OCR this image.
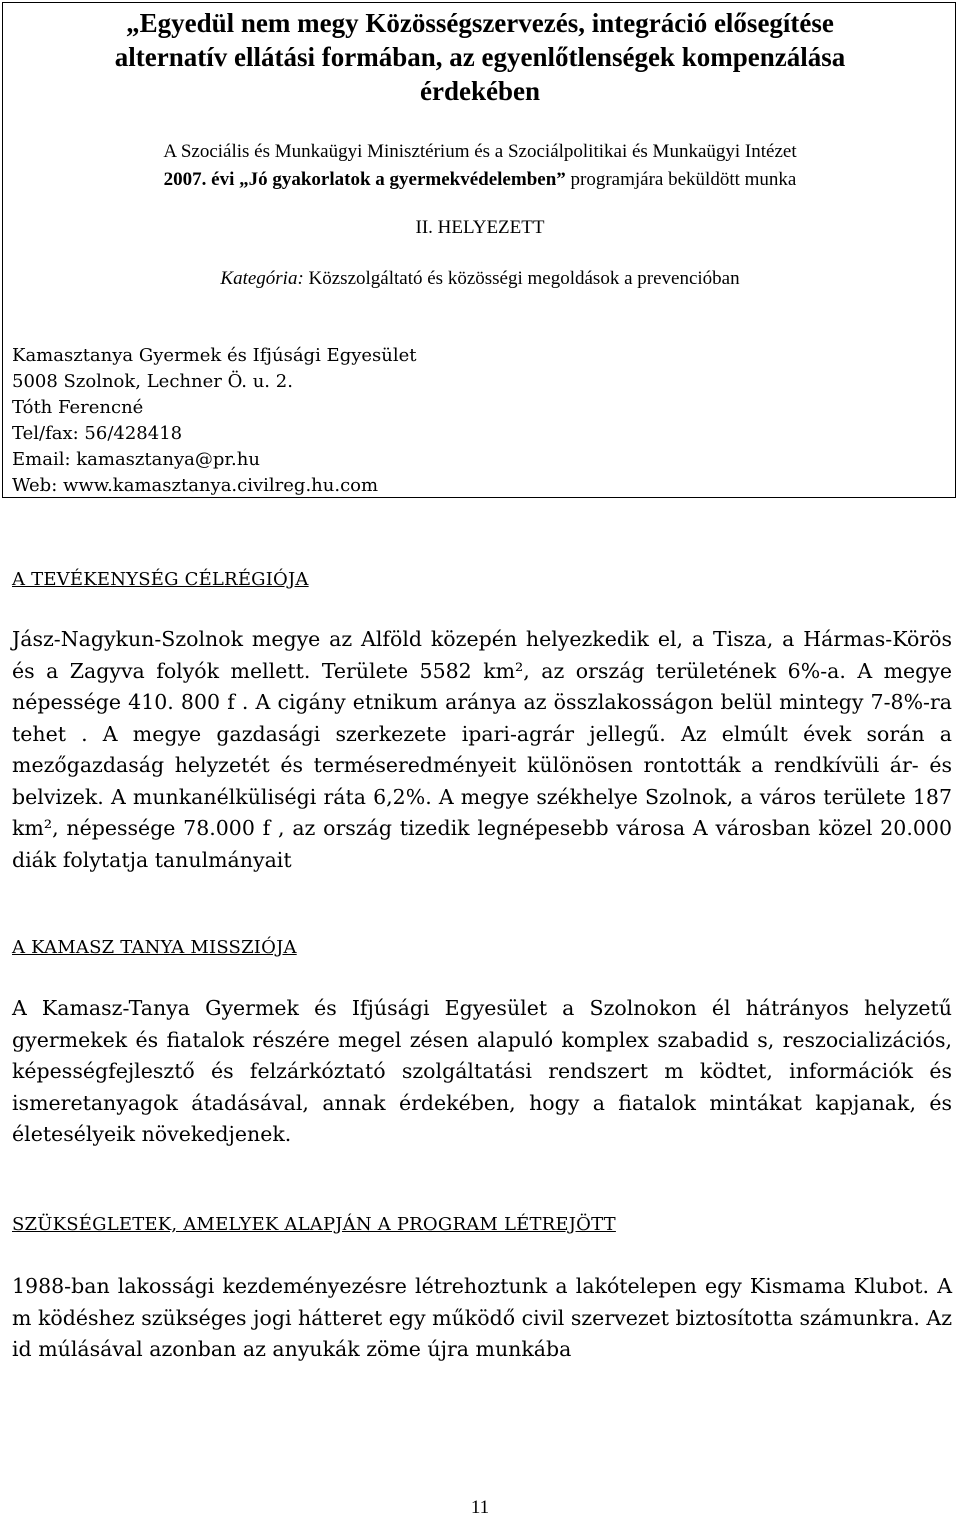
„Egyedül nem megy Közösségszervezés, integráció elősegítése
alternatív ellátási formában, az egyenlőtlenségek kompenzálása
érdekében
A Szociális és Munkaügyi Minisztérium és a Szociálpolitikai és Munkaügyi Intézet
2007. évi „Jó gyakorlatok a gyermekvédelemben” programjára beküldött munka
II. HELYEZETT
Kategória: Közszolgáltató és közösségi megoldások a prevencióban
Kamasztanya Gyermek és Ifjúsági Egyesület
5008 Szolnok, Lechner Ö. u. 2.
Tóth Ferencné
Tel/fax: 56/428418
Email: kamasztanya@pr.hu
Web: www.kamasztanya.civilreg.hu.com
A TEVÉKENYSÉG CÉLRÉGIÓJA
Jász-Nagykun-Szolnok megye az Alföld közepén helyezkedik el, a Tisza, a Hármas-Körös és a Zagyva folyók mellett. Területe 5582 km², az ország területének 6%-a. A megye népessége 410. 800 f . A cigány etnikum aránya az összlakosságon belül mintegy 7-8%-ra tehet . A megye gazdasági szerkezete ipari-agrár jellegű. Az elmúlt évek során a mezőgazdaság helyzetét és terméseredményeit különösen rontották a rendkívüli ár- és belvizek. A munkanélküliségi ráta 6,2%. A megye székhelye Szolnok, a város területe 187 km², népessége 78.000 f , az ország tizedik legnépesebb városa A városban közel 20.000 diák folytatja tanulmányait
A KAMASZ TANYA MISSZIÓJA
A Kamasz-Tanya Gyermek és Ifjúsági Egyesület a Szolnokon él hátrányos helyzetű gyermekek és fiatalok részére megel zésen alapuló komplex szabadid s, reszocializációs, képességfejlesztő és felzárkóztató szolgáltatási rendszert m ködtet, információk és ismeretanyagok átadásával, annak érdekében, hogy a fiatalok mintákat kapjanak, és életesélyeik növekedjenek.
SZÜKSÉGLETEK, AMELYEK ALAPJÁN A PROGRAM LÉTREJÖTT
1988-ban lakossági kezdeményezésre létrehoztunk a lakótelepen egy Kismama Klubot. A m ködéshez szükséges jogi hátteret egy működő civil szervezet biztosította számunkra. Az id múlásával azonban az anyukák zöme újra munkába
11
